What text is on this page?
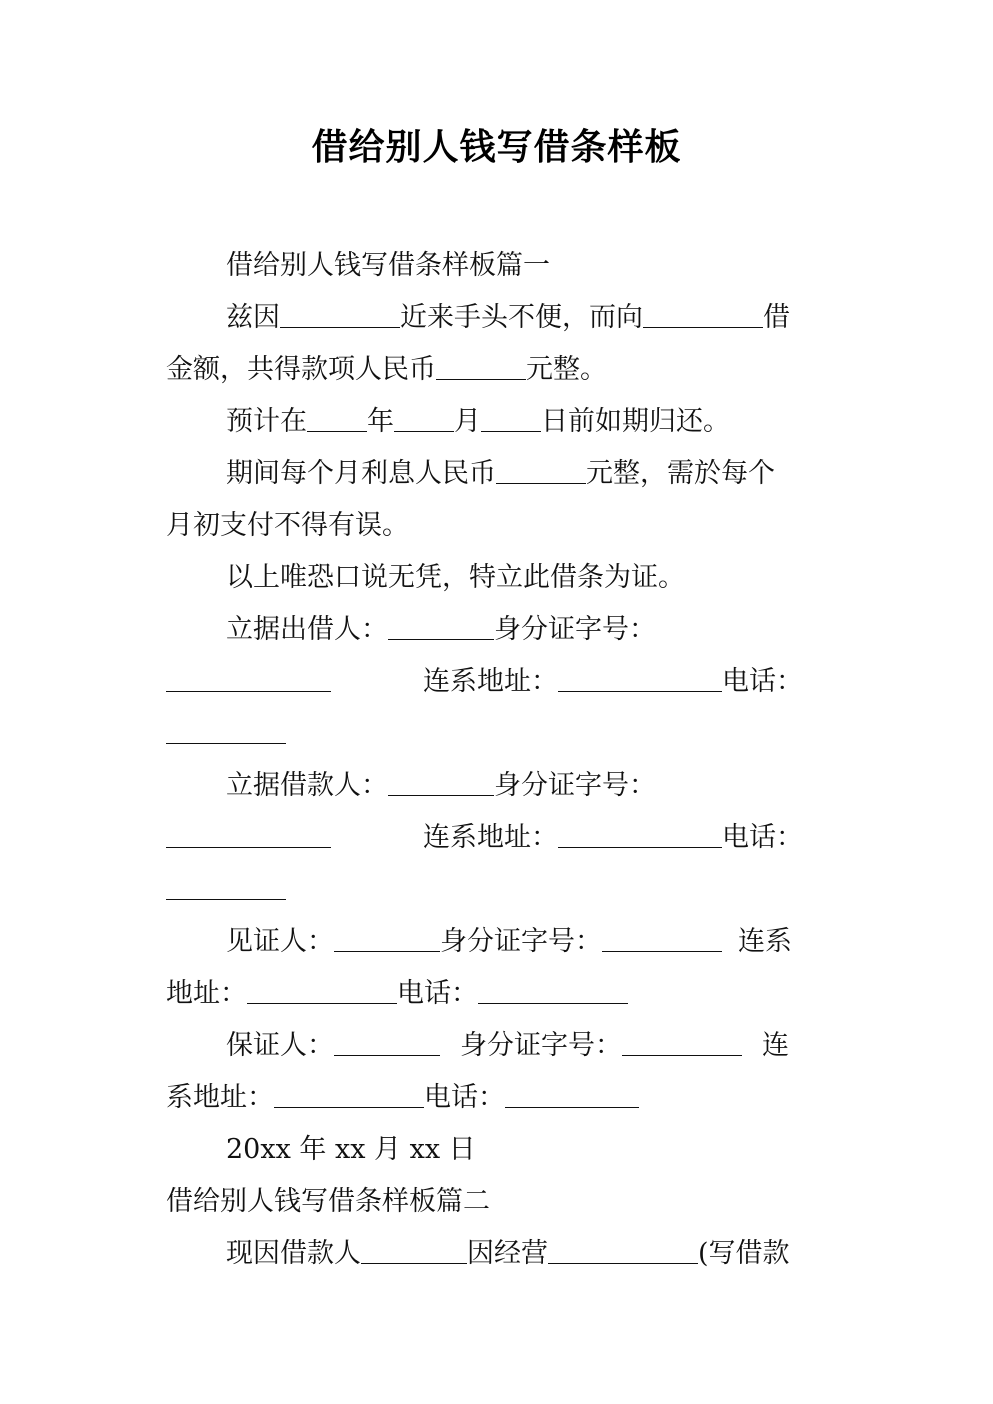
借给别人钱写借条样板
借给别人钱写借条样板篇一
兹因	近来手头不便，而向	借
金额，共得款项人民币	元整。
预计在 年 月 日前如期归还。
期间每个月利息人民币	元整，需於每个
月初支付不得有误。
以上唯恐口说无凭，特立此借条为证。
立据出借人：	身分证字号：
连系地址：	电话：
立据借款人：	身分证字号：
连系地址：	电话：
见证人：	身分证字号：	连系
地址：	电话：
保证人：	身分证字号：	连
系地址：	电话：
20xx 年 xx 月 xx 日
借给别人钱写借条样板篇二
现因借款人	因经营	(写借款
